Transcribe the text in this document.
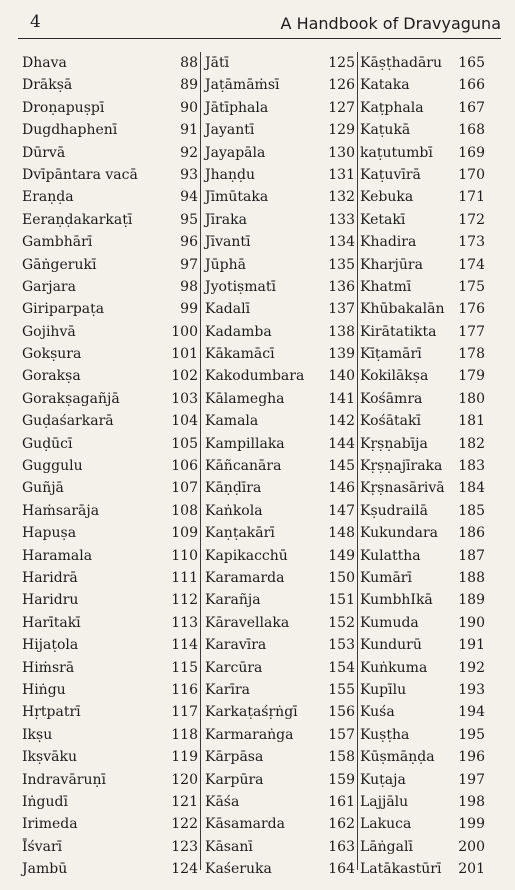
4	A Handbook of Dravyaguna
Dhava	88
Drākṣā	89
Droṇapuṣpī	90
Dugdhaphenī	91
Dūrvā	92
Dvīpāntara vacā	93
Eraṇḍa	94
Eeraṇḍakarkaṭī	95
Gambhārī	96
Gāṅgerukī	97
Garjara	98
Giriparpaṭa	99
Gojihvā	100
Gokṣura	101
Gorakṣa	102
Gorakṣagañjā	103
Guḍaśarkarā	104
Guḍūcī	105
Guggulu	106
Guñjā	107
Haṁsarāja	108
Hapuṣa	109
Haramala	110
Haridrā	111
Haridru	112
Harītakī	113
Hijaṭola	114
Hiṁsrā	115
Hiṅgu	116
Hṛtpatrī	117
Ikṣu	118
Ikṣvāku	119
Indravāruṇī	120
Iṅgudī	121
Irimeda	122
Īśvarī	123
Jambū	124
Jātī	125
Jaṭāmāṁsī	126
Jātīphala	127
Jayantī	129
Jayapāla	130
Jhaṇḍu	131
Jīmūtaka	132
Jīraka	133
Jīvantī	134
Jūphā	135
Jyotiṣmatī	136
Kadalī	137
Kadamba	138
Kākamācī	139
Kakodumbara 140
Kālamegha	141
Kamala	142
Kampillaka	144
Kāñcanāra	145
Kāṇḍīra	146
Kaṅkola	147
Kaṇṭakārī	148
Kapikacchū	149
Karamarda	150
Karañja	151
Kāravellaka	152
Karavīra	153
Karcūra	154
Karīra	155
Karkaṭaśṛṅgī 156
Karmaraṅga 157
Kārpāsa	158
Karpūra	159
Kāśa	161
Kāsamarda	162
Kāsanī	163
Kaśeruka	164
Kāṣṭhadāru 165
Kataka	166
Kaṭphala 167
Kaṭukā	168
kaṭutumbī 169
Kaṭuvīrā	170
Kebuka	171
Ketakī	172
Khadira	173
Kharjūra	174
Khatmī	175
Khūbakalān 176
Kirātatikta 177
Kīṭamārī	178
Kokilākṣa 179
Kośāmra	180
Kośātakī	181
Kṛṣṇabīja 182
Kṛṣṇajīraka 183
Kṛṣnasārivā 184
Kṣudrailā 185
Kukundara 186
Kulattha	187
Kumārī	188
KumbhIkā 189
Kumuda	190
Kundurū	191
Kuṅkuma 192
Kupīlu	193
Kuśa	194
Kuṣṭha	195
Kūṣmāṇḍa 196
Kuṭaja	197
Lajjālu	198
Lakuca	199
Lāṅgalī	200
Latākastūrī 201
